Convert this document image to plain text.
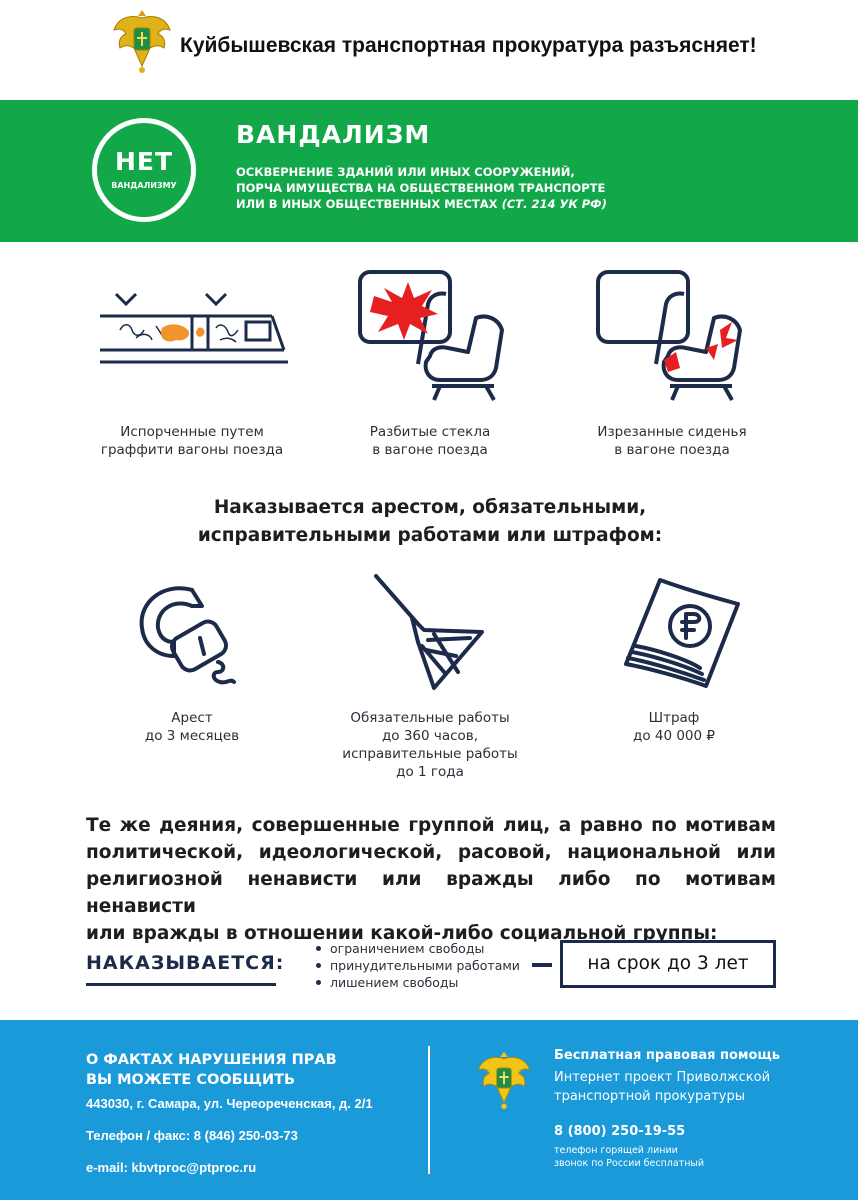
Куйбышевская транспортная прокуратура разъясняет!
НЕТ
ВАНДАЛИЗМУ
ВАНДАЛИЗМ
ОСКВЕРНЕНИЕ ЗДАНИЙ ИЛИ ИНЫХ СООРУЖЕНИЙ,
ПОРЧА ИМУЩЕСТВА НА ОБЩЕСТВЕННОМ ТРАНСПОРТЕ
ИЛИ В ИНЫХ ОБЩЕСТВЕННЫХ МЕСТАХ (СТ. 214 УК РФ)
Испорченные путем
граффити вагоны поезда
Разбитые стекла
в вагоне поезда
Изрезанные сиденья
в вагоне поезда
Наказывается арестом, обязательными,
исправительными работами или штрафом:
Арест
до 3 месяцев
Обязательные работы
до 360 часов,
исправительные работы
до 1 года
Штраф
до 40 000 ₽
Те же деяния, совершенные группой лиц, а равно по мотивам
политической, идеологической, расовой, национальной или
религиозной ненависти или вражды либо по мотивам ненависти
или вражды в отношении какой-либо социальной группы:
НАКАЗЫВАЕТСЯ:
ограничением свободы
принудительными работами
лишением свободы
на срок до 3 лет
О ФАКТАХ НАРУШЕНИЯ ПРАВ
ВЫ МОЖЕТЕ СООБЩИТЬ
443030, г. Самара, ул. Череореченская, д. 2/1
Телефон / факс: 8 (846) 250-03-73
e-mail: kbvtproc@ptproc.ru
Бесплатная правовая помощь
Интернет проект Приволжской
транспортной прокуратуры
8 (800) 250-19-55
телефон горящей линии
звонок по России бесплатный
